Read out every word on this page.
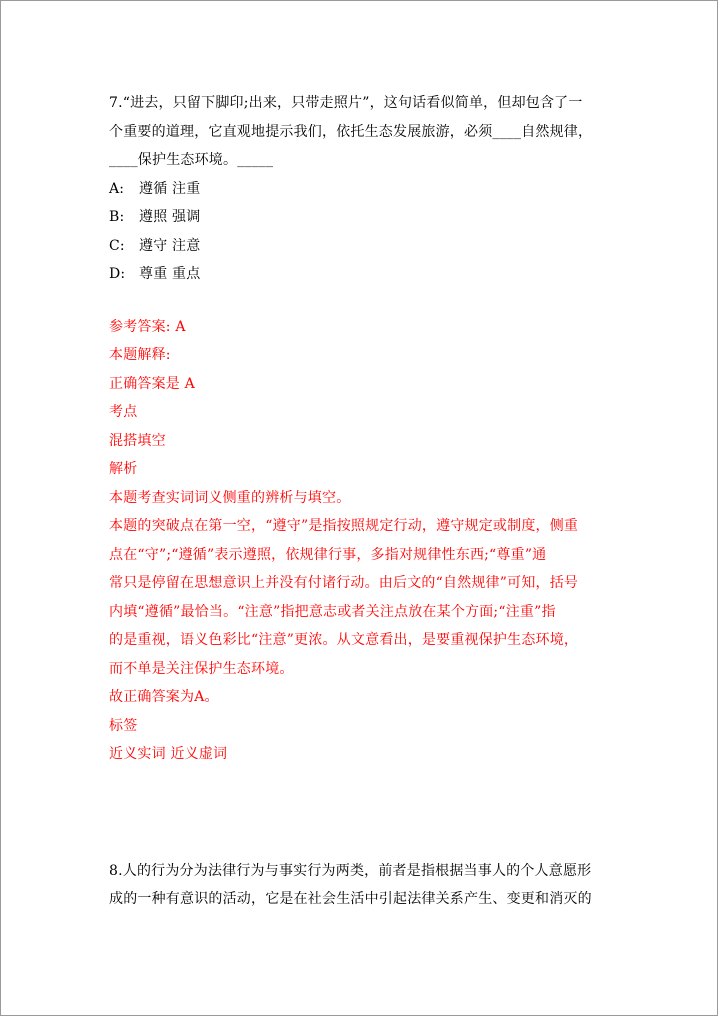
7.“进去，只留下脚印;出来，只带走照片”，这句话看似简单，但却包含了一
个重要的道理，它直观地提示我们，依托生态发展旅游，必须____自然规律，
____保护生态环境。_____
A: 遵循 注重
B: 遵照 强调
C: 遵守 注意
D: 尊重 重点
参考答案: A
本题解释:
正确答案是 A
考点
混搭填空
解析
本题考查实词词义侧重的辨析与填空。
本题的突破点在第一空，“遵守”是指按照规定行动，遵守规定或制度，侧重
点在“守”;“遵循”表示遵照，依规律行事，多指对规律性东西;“尊重”通
常只是停留在思想意识上并没有付诸行动。由后文的“自然规律”可知，括号
内填“遵循”最恰当。“注意”指把意志或者关注点放在某个方面;“注重”指
的是重视，语义色彩比“注意”更浓。从文意看出，是要重视保护生态环境，
而不单是关注保护生态环境。
故正确答案为A。
标签
近义实词 近义虚词
8.人的行为分为法律行为与事实行为两类，前者是指根据当事人的个人意愿形
成的一种有意识的活动，它是在社会生活中引起法律关系产生、变更和消灭的
